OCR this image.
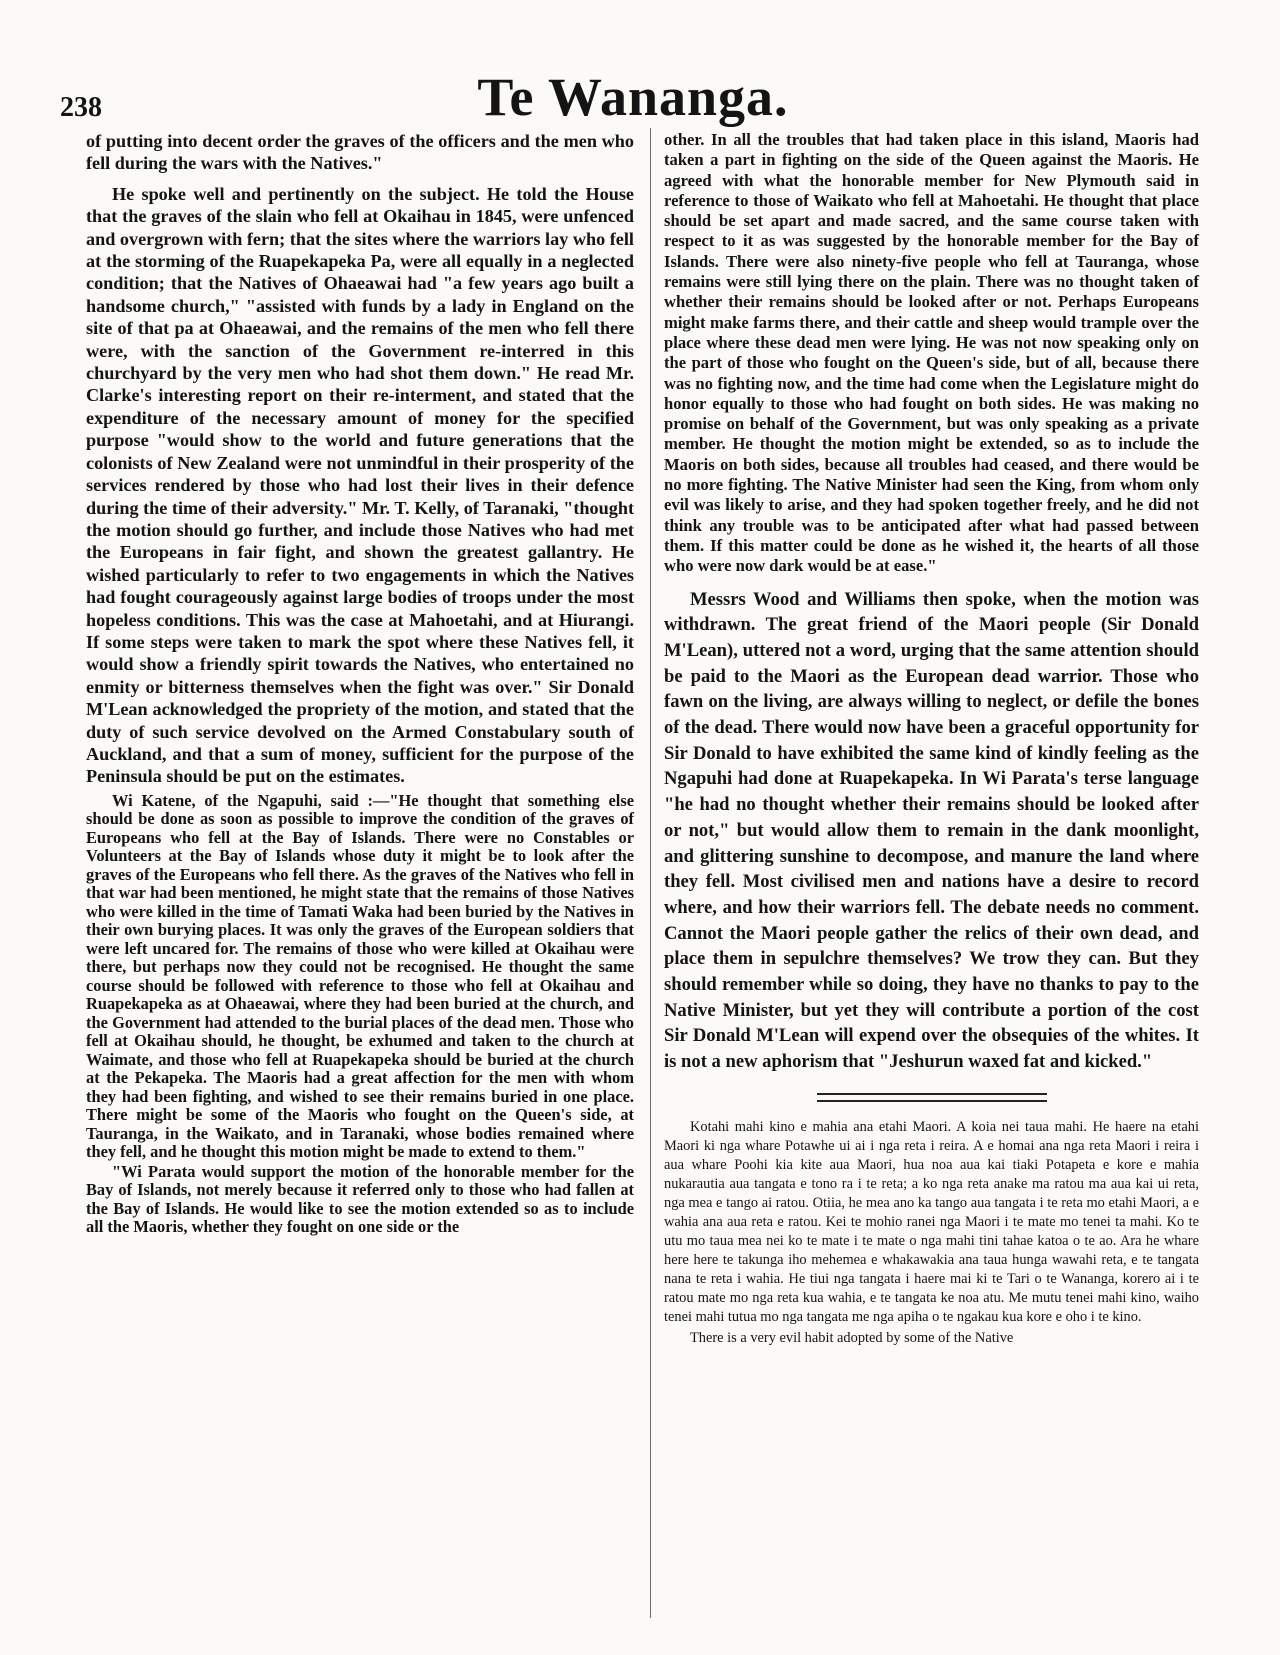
238	Te Wananga.

of putting into decent order the graves of the officers and the men who fell during the wars with the Natives."

He spoke well and pertinently on the subject. He told the House that the graves of the slain who fell at Okaihau in 1845, were unfenced and overgrown with fern; that the sites where the warriors lay who fell at the storming of the Ruapekapeka Pa, were all equally in a neglected condition; that the Natives of Ohaeawai had "a few years ago built a handsome church," "assisted with funds by a lady in England on the site of that pa at Ohaeawai, and the remains of the men who fell there were, with the sanction of the Government re-interred in this churchyard by the very men who had shot them down." He read Mr. Clarke's interesting report on their re-interment, and stated that the expenditure of the necessary amount of money for the specified purpose "would show to the world and future generations that the colonists of New Zealand were not unmindful in their prosperity of the services rendered by those who had lost their lives in their defence during the time of their adversity." Mr. T. Kelly, of Taranaki, "thought the motion should go further, and include those Natives who had met the Europeans in fair fight, and shown the greatest gallantry. He wished particularly to refer to two engagements in which the Natives had fought courageously against large bodies of troops under the most hopeless conditions. This was the case at Mahoetahi, and at Hiurangi. If some steps were taken to mark the spot where these Natives fell, it would show a friendly spirit towards the Natives, who entertained no enmity or bitterness themselves when the fight was over." Sir Donald M'Lean acknowledged the propriety of the motion, and stated that the duty of such service devolved on the Armed Constabulary south of Auckland, and that a sum of money, sufficient for the purpose of the Peninsula should be put on the estimates.

Wi Katene, of the Ngapuhi, said :—"He thought that something else should be done as soon as possible to improve the condition of the graves of Europeans who fell at the Bay of Islands. There were no Constables or Volunteers at the Bay of Islands whose duty it might be to look after the graves of the Europeans who fell there. As the graves of the Natives who fell in that war had been mentioned, he might state that the remains of those Natives who were killed in the time of Tamati Waka had been buried by the Natives in their own burying places. It was only the graves of the European soldiers that were left uncared for. The remains of those who were killed at Okaihau were there, but perhaps now they could not be recognised. He thought the same course should be followed with reference to those who fell at Okaihau and Ruapekapeka as at Ohaeawai, where they had been buried at the church, and the Government had attended to the burial places of the dead men. Those who fell at Okaihau should, he thought, be exhumed and taken to the church at Waimate, and those who fell at Ruapekapeka should be buried at the church at the Pekapeka. The Maoris had a great affection for the men with whom they had been fighting, and wished to see their remains buried in one place. There might be some of the Maoris who fought on the Queen's side, at Tauranga, in the Waikato, and in Taranaki, whose bodies remained where they fell, and he thought this motion might be made to extend to them."

"Wi Parata would support the motion of the honorable member for the Bay of Islands, not merely because it referred only to those who had fallen at the Bay of Islands. He would like to see the motion extended so as to include all the Maoris, whether they fought on one side or the

other. In all the troubles that had taken place in this island, Maoris had taken a part in fighting on the side of the Queen against the Maoris. He agreed with what the honorable member for New Plymouth said in reference to those of Waikato who fell at Mahoetahi. He thought that place should be set apart and made sacred, and the same course taken with respect to it as was suggested by the honorable member for the Bay of Islands. There were also ninety-five people who fell at Tauranga, whose remains were still lying there on the plain. There was no thought taken of whether their remains should be looked after or not. Perhaps Europeans might make farms there, and their cattle and sheep would trample over the place where these dead men were lying. He was not now speaking only on the part of those who fought on the Queen's side, but of all, because there was no fighting now, and the time had come when the Legislature might do honor equally to those who had fought on both sides. He was making no promise on behalf of the Government, but was only speaking as a private member. He thought the motion might be extended, so as to include the Maoris on both sides, because all troubles had ceased, and there would be no more fighting. The Native Minister had seen the King, from whom only evil was likely to arise, and they had spoken together freely, and he did not think any trouble was to be anticipated after what had passed between them. If this matter could be done as he wished it, the hearts of all those who were now dark would be at ease."

Messrs Wood and Williams then spoke, when the motion was withdrawn. The great friend of the Maori people (Sir Donald M'Lean), uttered not a word, urging that the same attention should be paid to the Maori as the European dead warrior. Those who fawn on the living, are always willing to neglect, or defile the bones of the dead. There would now have been a graceful opportunity for Sir Donald to have exhibited the same kind of kindly feeling as the Ngapuhi had done at Ruapekapeka. In Wi Parata's terse language "he had no thought whether their remains should be looked after or not," but would allow them to remain in the dank moonlight, and glittering sunshine to decompose, and manure the land where they fell. Most civilised men and nations have a desire to record where, and how their warriors fell. The debate needs no comment. Cannot the Maori people gather the relics of their own dead, and place them in sepulchre themselves? We trow they can. But they should remember while so doing, they have no thanks to pay to the Native Minister, but yet they will contribute a portion of the cost Sir Donald M'Lean will expend over the obsequies of the whites. It is not a new aphorism that "Jeshurun waxed fat and kicked."

Kotahi mahi kino e mahia ana etahi Maori. A koia nei taua mahi. He haere na etahi Maori ki nga whare Potawhe ui ai i nga reta i reira. A e homai ana nga reta Maori i reira i aua whare Poohi kia kite aua Maori, hua noa aua kai tiaki Potapeta e kore e mahia nukarautia aua tangata e tono ra i te reta; a ko nga reta anake ma ratou ma aua kai ui reta, nga mea e tango ai ratou. Otiia, he mea ano ka tango aua tangata i te reta mo etahi Maori, a e wahia ana aua reta e ratou. Kei te mohio ranei nga Maori i te mate mo tenei ta mahi. Ko te utu mo taua mea nei ko te mate i te mate o nga mahi tini tahae katoa o te ao. Ara he whare here here te takunga iho mehemea e whakawakia ana taua hunga wawahi reta, e te tangata nana te reta i wahia. He tiui nga tangata i haere mai ki te Tari o te Wananga, korero ai i te ratou mate mo nga reta kua wahia, e te tangata ke noa atu. Me mutu tenei mahi kino, waiho tenei mahi tutua mo nga tangata me nga apiha o te ngakau kua kore e oho i te kino.

There is a very evil habit adopted by some of the Native
